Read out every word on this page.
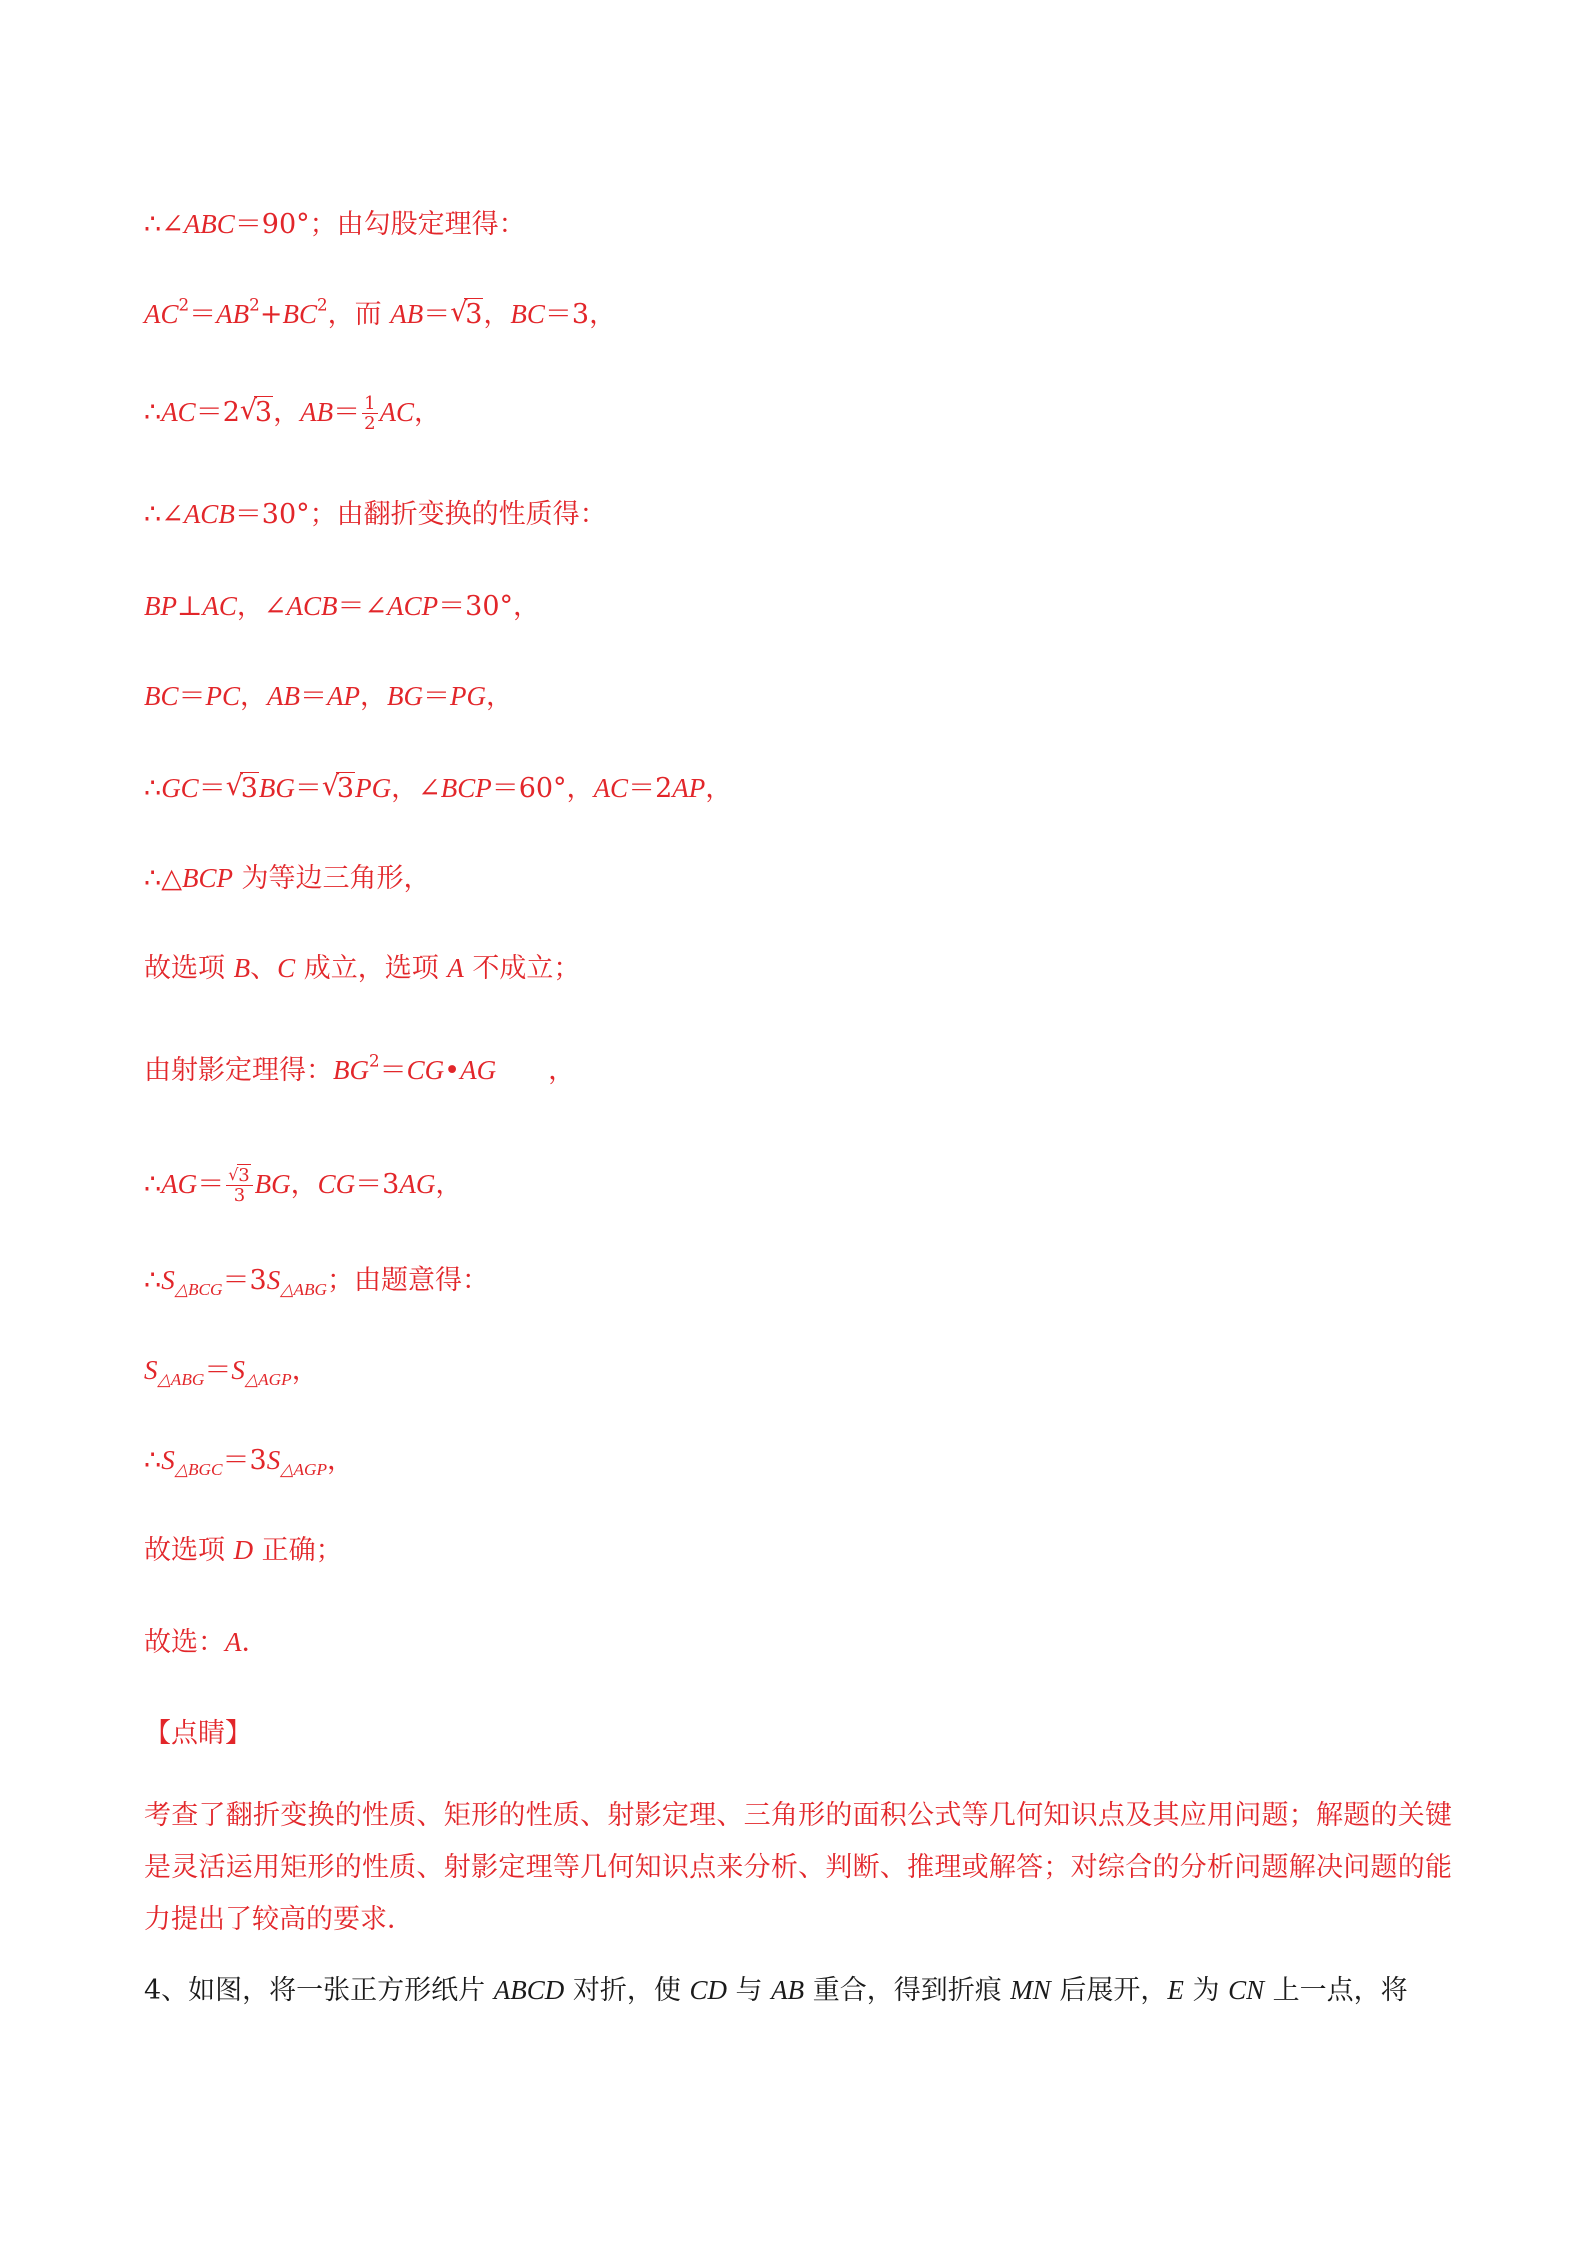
∴∠ABC＝90°；由勾股定理得：
$AC^2=AB^2+BC^2$，而 AB＝ √
3，BC＝3，
∴AC＝2 √
3，$AB= \frac{1}{2}$ AC，
∴∠ACB＝30°；由翻折变换的性质得：
BP⊥AC，∠ACB＝∠ACP＝30°，
BC＝PC，AB＝AP，BG＝PG，
∴GC＝ √
3BG＝ √
3PG，∠BCP＝60°，AC＝2AP，
∴△BCP 为等边三角形，
故选项 B、C 成立，选项 A 不成立；
由射影定理得：$BG^2=CG•AG$ ，
∴AG＝ $\frac{√ 3}{3}$ BG，CG＝3AG，
$\therefore S_{\triangle BCG}=3S_{\triangle ABG}$；由题意得：
$S_{\triangle ABG}=S_{\triangle AGP}$，
$\therefore S_{\triangle BGC}=3S_{\triangle AGP}$，
故选项 D 正确；
故选：A．
【点睛】
考查了翻折变换的性质、矩形的性质、射影定理、三角形的面积公式等几何知识点及其应用问题；解题的关键是灵活运用矩形的性质、射影定理等几何知识点来分析、判断、推理或解答；对综合的分析问题解决问题的能力提出了较高的要求．
4、如图，将一张正方形纸片 ABCD 对折，使 CD 与 AB 重合，得到折痕 MN 后展开，E 为 CN 上一点，将
